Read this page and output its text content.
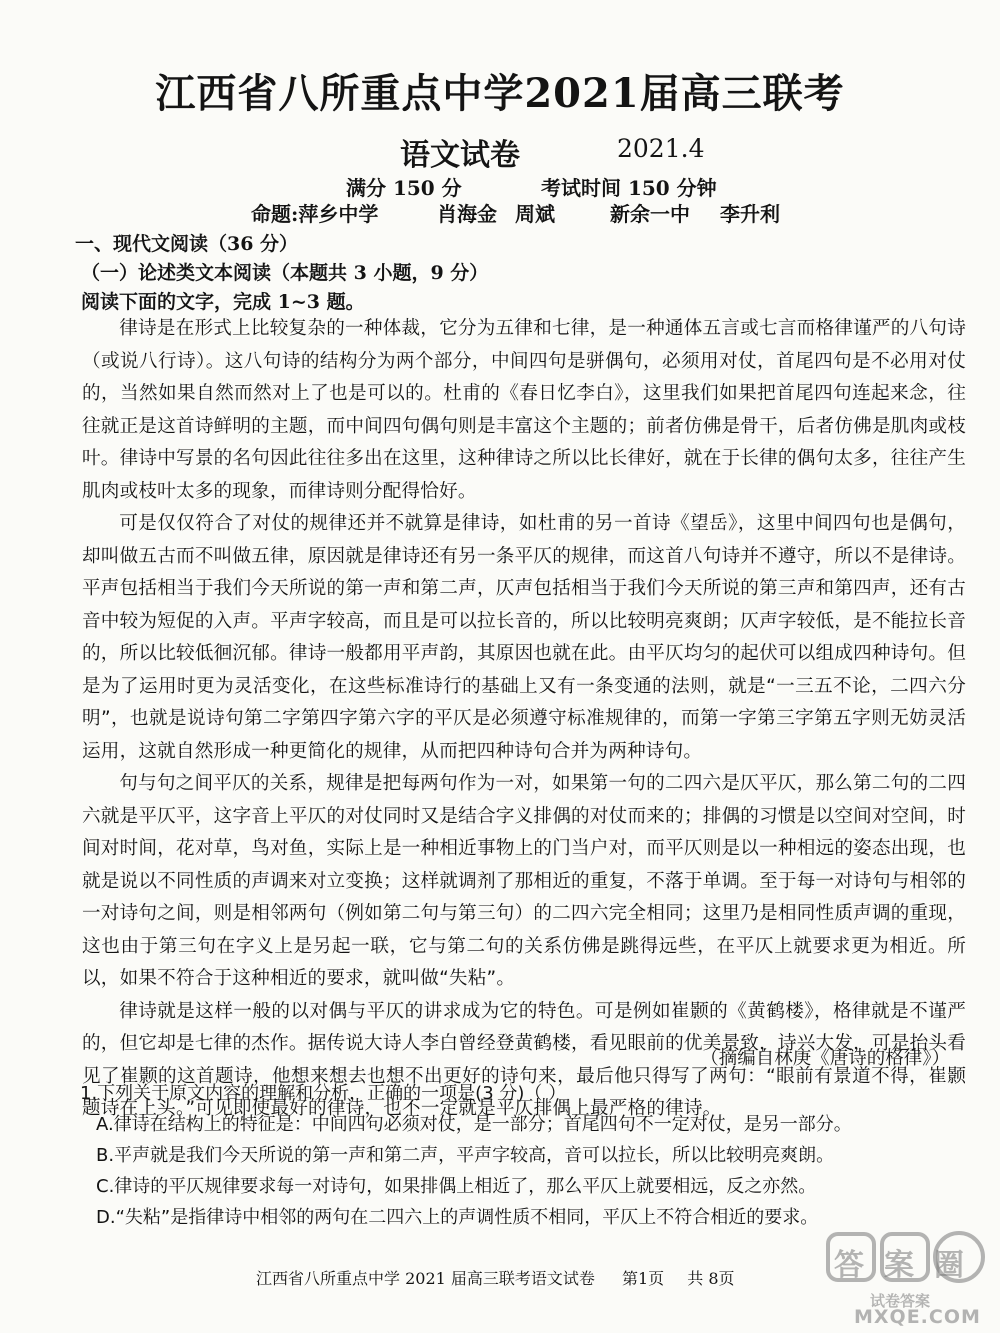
江西省八所重点中学2021届高三联考
语文试卷	2021.4
满分 150 分	考试时间 150 分钟
命题:萍乡中学	肖海金 周斌	新余一中 李升利
一、现代文阅读（36 分）
（一）论述类文本阅读（本题共 3 小题，9 分）
阅读下面的文字，完成 1~3 题。

律诗是在形式上比较复杂的一种体裁，它分为五律和七律，是一种通体五言或七言而格律谨严的八句诗（或说八行诗）。这八句诗的结构分为两个部分，中间四句是骈偶句，必须用对仗，首尾四句是不必用对仗的，当然如果自然而然对上了也是可以的。杜甫的《春日忆李白》，这里我们如果把首尾四句连起来念，往往就正是这首诗鲜明的主题，而中间四句偶句则是丰富这个主题的；前者仿佛是骨干，后者仿佛是肌肉或枝叶。律诗中写景的名句因此往往多出在这里，这种律诗之所以比长律好，就在于长律的偶句太多，往往产生肌肉或枝叶太多的现象，而律诗则分配得恰好。

可是仅仅符合了对仗的规律还并不就算是律诗，如杜甫的另一首诗《望岳》，这里中间四句也是偶句，却叫做五古而不叫做五律，原因就是律诗还有另一条平仄的规律，而这首八句诗并不遵守，所以不是律诗。平声包括相当于我们今天所说的第一声和第二声，仄声包括相当于我们今天所说的第三声和第四声，还有古音中较为短促的入声。平声字较高，而且是可以拉长音的，所以比较明亮爽朗；仄声字较低，是不能拉长音的，所以比较低徊沉郁。律诗一般都用平声韵，其原因也就在此。由平仄均匀的起伏可以组成四种诗句。但是为了运用时更为灵活变化，在这些标准诗行的基础上又有一条变通的法则，就是“一三五不论，二四六分明”，也就是说诗句第二字第四字第六字的平仄是必须遵守标准规律的，而第一字第三字第五字则无妨灵活运用，这就自然形成一种更简化的规律，从而把四种诗句合并为两种诗句。

句与句之间平仄的关系，规律是把每两句作为一对，如果第一句的二四六是仄平仄，那么第二句的二四六就是平仄平，这字音上平仄的对仗同时又是结合字义排偶的对仗而来的；排偶的习惯是以空间对空间，时间对时间，花对草，鸟对鱼，实际上是一种相近事物上的门当户对，而平仄则是以一种相远的姿态出现，也就是说以不同性质的声调来对立变换；这样就调剂了那相近的重复，不落于单调。至于每一对诗句与相邻的一对诗句之间，则是相邻两句（例如第二句与第三句）的二四六完全相同；这里乃是相同性质声调的重现，这也由于第三句在字义上是另起一联，它与第二句的关系仿佛是跳得远些，在平仄上就要求更为相近。所以，如果不符合于这种相近的要求，就叫做“失粘”。

律诗就是这样一般的以对偶与平仄的讲求成为它的特色。可是例如崔颢的《黄鹤楼》，格律就是不谨严的，但它却是七律的杰作。据传说大诗人李白曾经登黄鹤楼，看见眼前的优美景致，诗兴大发，可是抬头看见了崔颢的这首题诗，他想来想去也想不出更好的诗句来，最后他只得写了两句：“眼前有景道不得，崔颢题诗在上头。”可见即使最好的律诗，也不一定就是平仄排偶上最严格的律诗。

（摘编自林庚《唐诗的格律》）

1.下列关于原文内容的理解和分析，正确的一项是(3 分)（ ）

A.律诗在结构上的特征是：中间四句必须对仗，是一部分；首尾四句不一定对仗，是另一部分。

B.平声就是我们今天所说的第一声和第二声，平声字较高，音可以拉长，所以比较明亮爽朗。

C.律诗的平仄规律要求每一对诗句，如果排偶上相近了，那么平仄上就要相远，反之亦然。

D.“失粘”是指律诗中相邻的两句在二四六上的声调性质不相同，平仄上不符合相近的要求。

江西省八所重点中学 2021 届高三联考语文试卷 第1页 共 8页	答案圈
试卷答案
MXQE.COM
